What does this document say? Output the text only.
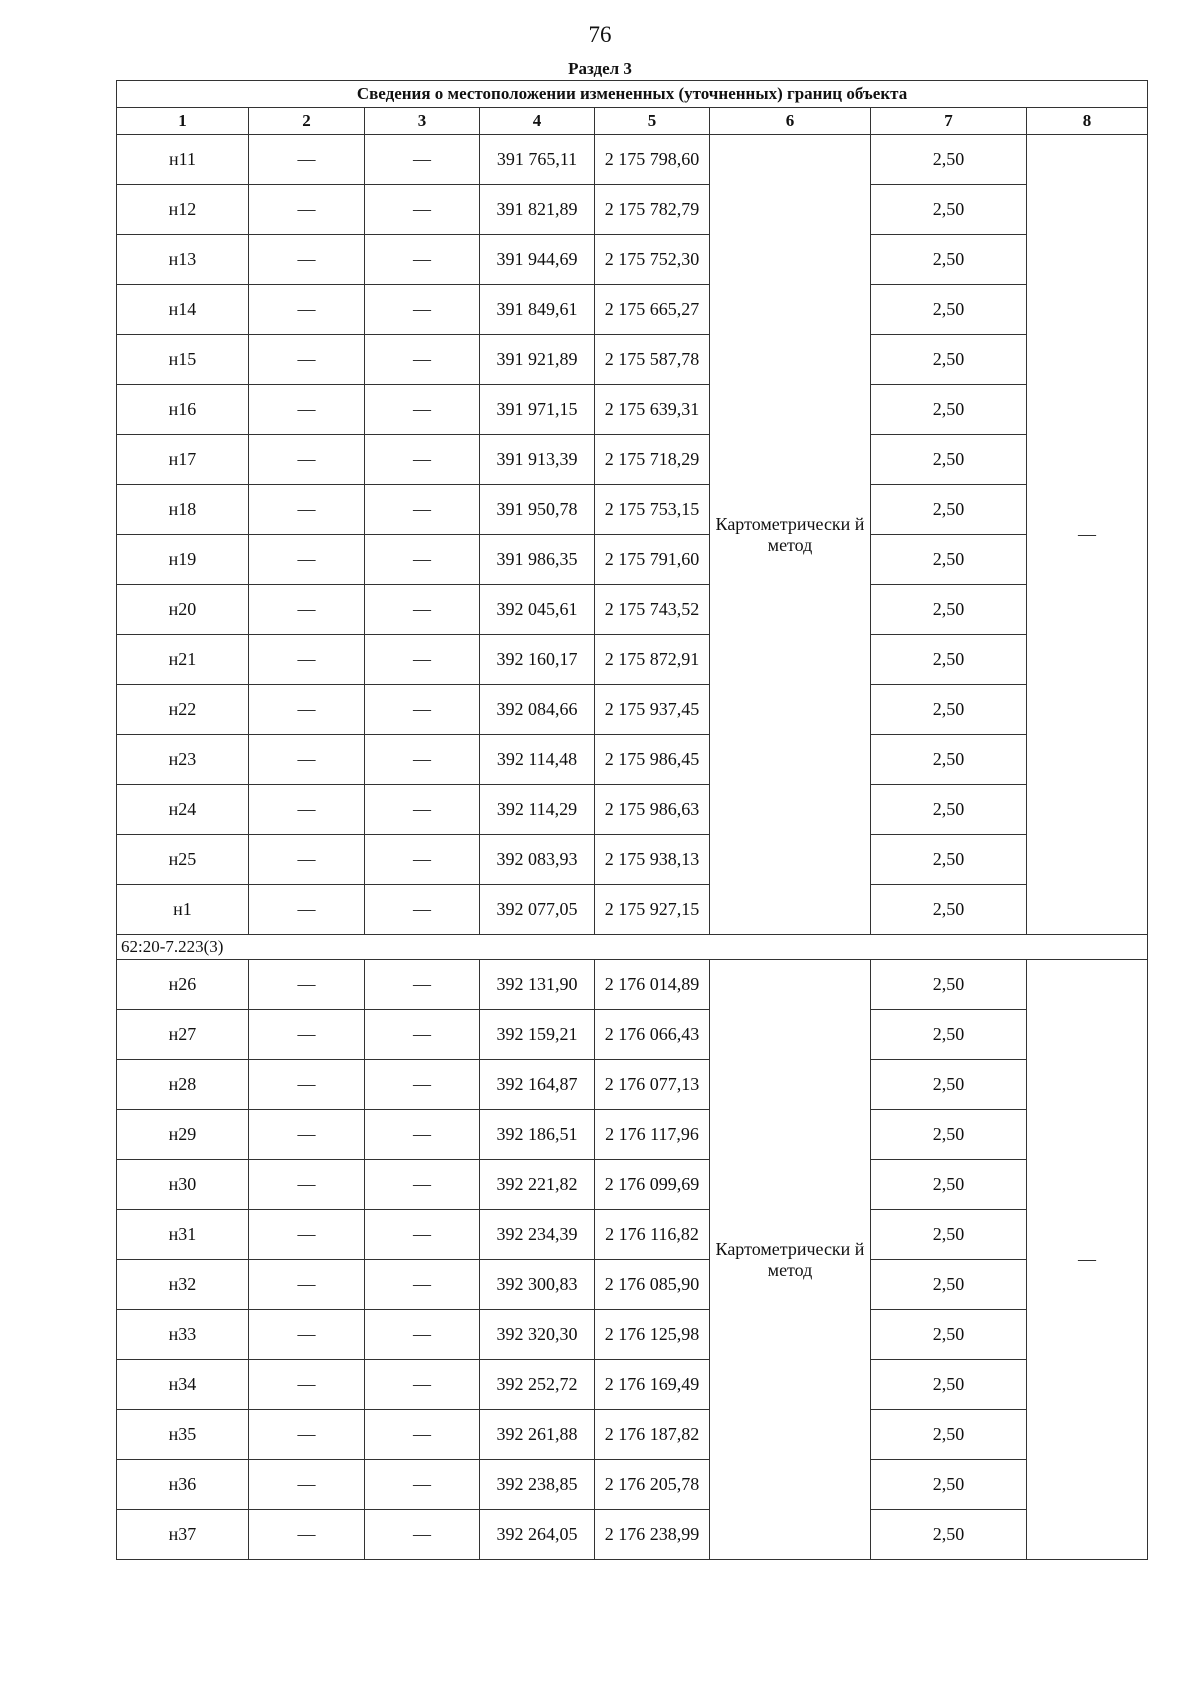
76
Раздел 3
Сведения о местоположении измененных (уточненных) границ объекта							
1	2	3	4	5	6	7	8
н11	—	—	391 765,11	2 175 798,60	Картометрически й метод	2,50	—
н12	—	—	391 821,89	2 175 782,79		2,50	
н13	—	—	391 944,69	2 175 752,30		2,50	
н14	—	—	391 849,61	2 175 665,27		2,50	
н15	—	—	391 921,89	2 175 587,78		2,50	
н16	—	—	391 971,15	2 175 639,31		2,50	
н17	—	—	391 913,39	2 175 718,29		2,50	
н18	—	—	391 950,78	2 175 753,15		2,50	
н19	—	—	391 986,35	2 175 791,60		2,50	
н20	—	—	392 045,61	2 175 743,52		2,50	
н21	—	—	392 160,17	2 175 872,91		2,50	
н22	—	—	392 084,66	2 175 937,45		2,50	
н23	—	—	392 114,48	2 175 986,45		2,50	
н24	—	—	392 114,29	2 175 986,63		2,50	
н25	—	—	392 083,93	2 175 938,13		2,50	
н1	—	—	392 077,05	2 175 927,15		2,50	
62:20-7.223(3)							
н26	—	—	392 131,90	2 176 014,89	Картометрически й метод	2,50	—
н27	—	—	392 159,21	2 176 066,43		2,50	
н28	—	—	392 164,87	2 176 077,13		2,50	
н29	—	—	392 186,51	2 176 117,96		2,50	
н30	—	—	392 221,82	2 176 099,69		2,50	
н31	—	—	392 234,39	2 176 116,82		2,50	
н32	—	—	392 300,83	2 176 085,90		2,50	
н33	—	—	392 320,30	2 176 125,98		2,50	
н34	—	—	392 252,72	2 176 169,49		2,50	
н35	—	—	392 261,88	2 176 187,82		2,50	
н36	—	—	392 238,85	2 176 205,78		2,50	
н37	—	—	392 264,05	2 176 238,99		2,50	
